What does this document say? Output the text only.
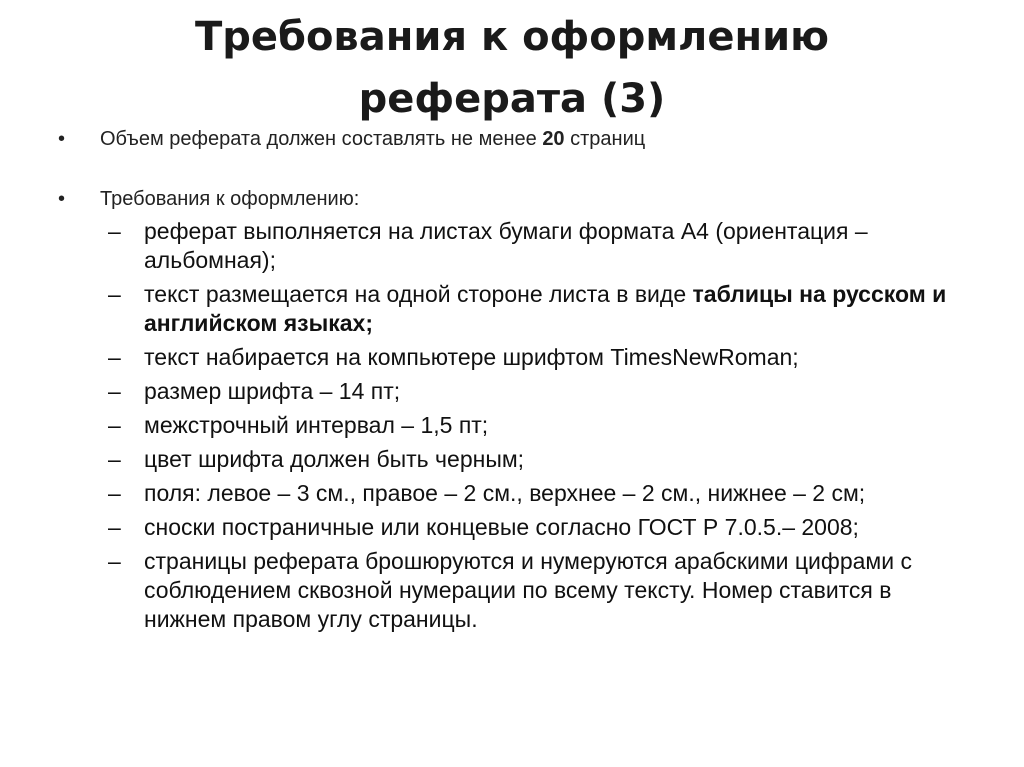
Требования к оформлению
реферата (3)
• Объем реферата должен составлять не менее 20 страниц
• Требования к оформлению:
– реферат выполняется на листах бумаги формата А4 (ориентация – альбомная);
– текст размещается на одной стороне листа в виде таблицы на русском и английском языках;
– текст набирается на компьютере шрифтом TimesNewRoman;
– размер шрифта – 14 пт;
– межстрочный интервал – 1,5 пт;
– цвет шрифта должен быть черным;
– поля: левое – 3 см., правое – 2 см., верхнее – 2 см., нижнее – 2 см;
– сноски постраничные или концевые согласно ГОСТ Р 7.0.5.– 2008;
– страницы реферата брошюруются и нумеруются арабскими цифрами с соблюдением сквозной нумерации по всему тексту. Номер ставится в нижнем правом углу страницы.
